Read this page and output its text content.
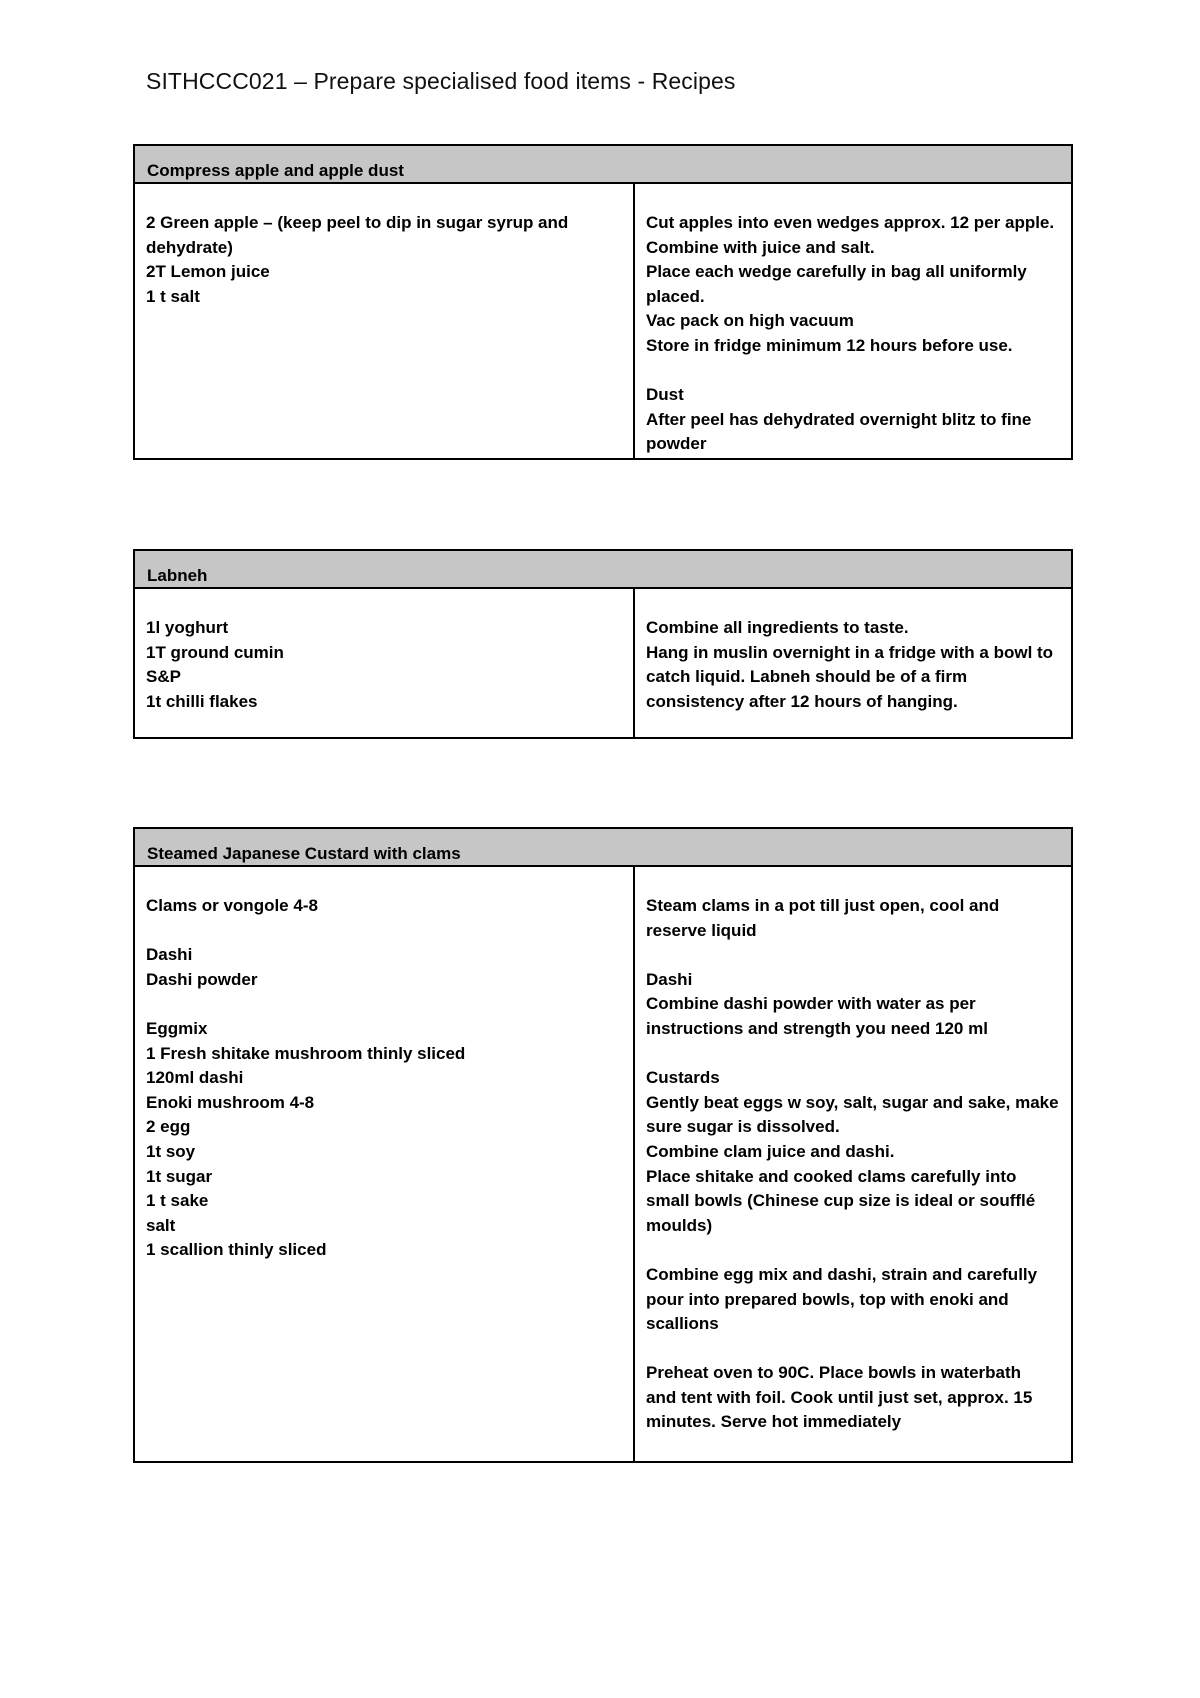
SITHCCC021 – Prepare specialised food items - Recipes
Compress apple and apple dust
2 Green apple – (keep peel to dip in sugar syrup and
dehydrate)
2T Lemon juice
1 t salt
Cut apples into even wedges approx. 12 per apple.
Combine with juice and salt.
Place each wedge carefully in bag all uniformly
placed.
Vac pack on high vacuum
Store in fridge minimum 12 hours before use.
Dust
After peel has dehydrated overnight blitz to fine
powder
Labneh
1l yoghurt
1T ground cumin
S&P
1t chilli flakes
Combine all ingredients to taste.
Hang in muslin overnight in a fridge with a bowl to
catch liquid. Labneh should be of a firm
consistency after 12 hours of hanging.
Steamed Japanese Custard with clams
Clams or vongole 4-8
Dashi
Dashi powder
Eggmix
1 Fresh shitake mushroom thinly sliced
120ml dashi
Enoki mushroom 4-8
2 egg
1t soy
1t sugar
1 t sake
salt
1 scallion thinly sliced
Steam clams in a pot till just open, cool and
reserve liquid
Dashi
Combine dashi powder with water as per
instructions and strength you need 120 ml
Custards
Gently beat eggs w soy, salt, sugar and sake, make
sure sugar is dissolved.
Combine clam juice and dashi.
Place shitake and cooked clams carefully into
small bowls (Chinese cup size is ideal or soufflé
moulds)
Combine egg mix and dashi, strain and carefully
pour into prepared bowls, top with enoki and
scallions
Preheat oven to 90C. Place bowls in waterbath
and tent with foil. Cook until just set, approx. 15
minutes. Serve hot immediately
